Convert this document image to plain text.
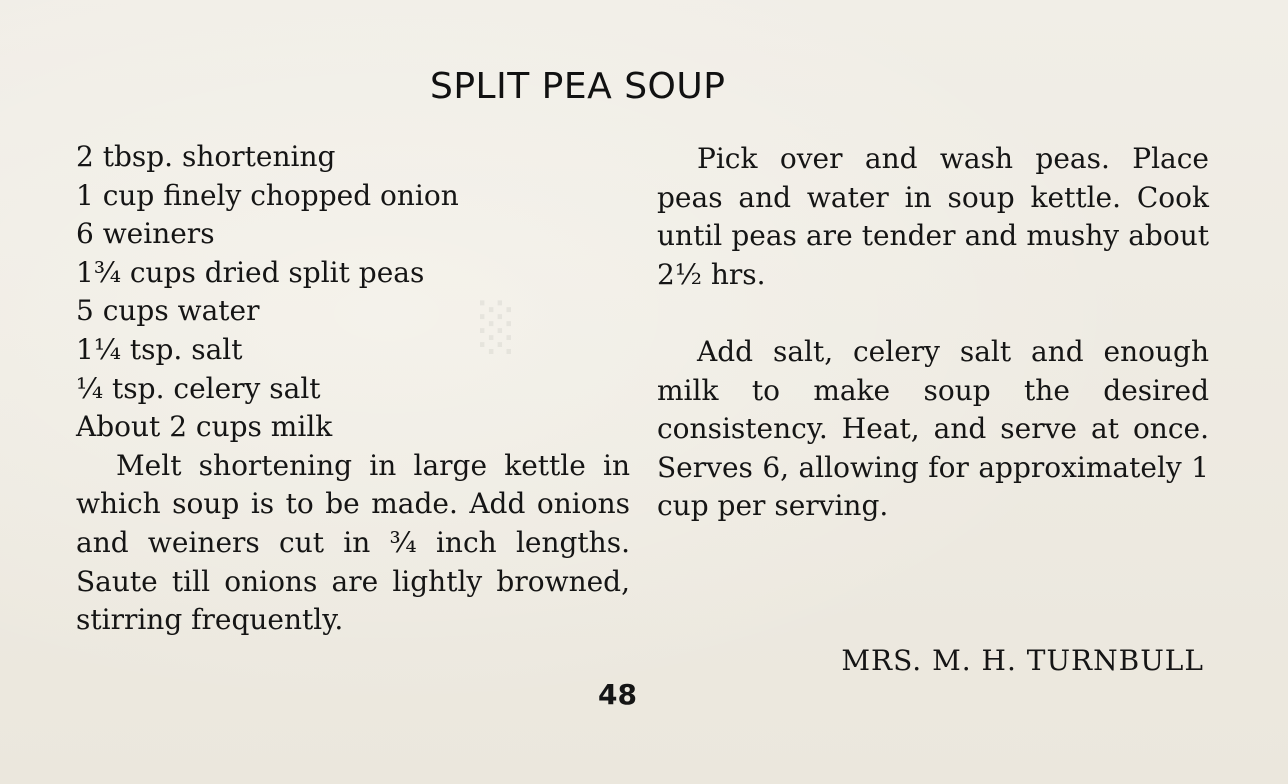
░
SPLIT PEA SOUP

2 tbsp. shortening

1 cup finely chopped onion

6 weiners

1¾ cups dried split peas

5 cups water

1¼ tsp. salt

¼ tsp. celery salt

About 2 cups milk

Melt shortening in large kettle in which soup is to be made. Add onions and weiners cut in ¾ inch lengths. Saute till onions are lightly browned, stirring frequently.

Pick over and wash peas. Place peas and water in soup kettle. Cook until peas are tender and mushy about 2½ hrs.

Add salt, celery salt and enough milk to make soup the desired consistency. Heat, and serve at once. Serves 6, allowing for approximately 1 cup per serving.

MRS. M. H. TURNBULL
48
